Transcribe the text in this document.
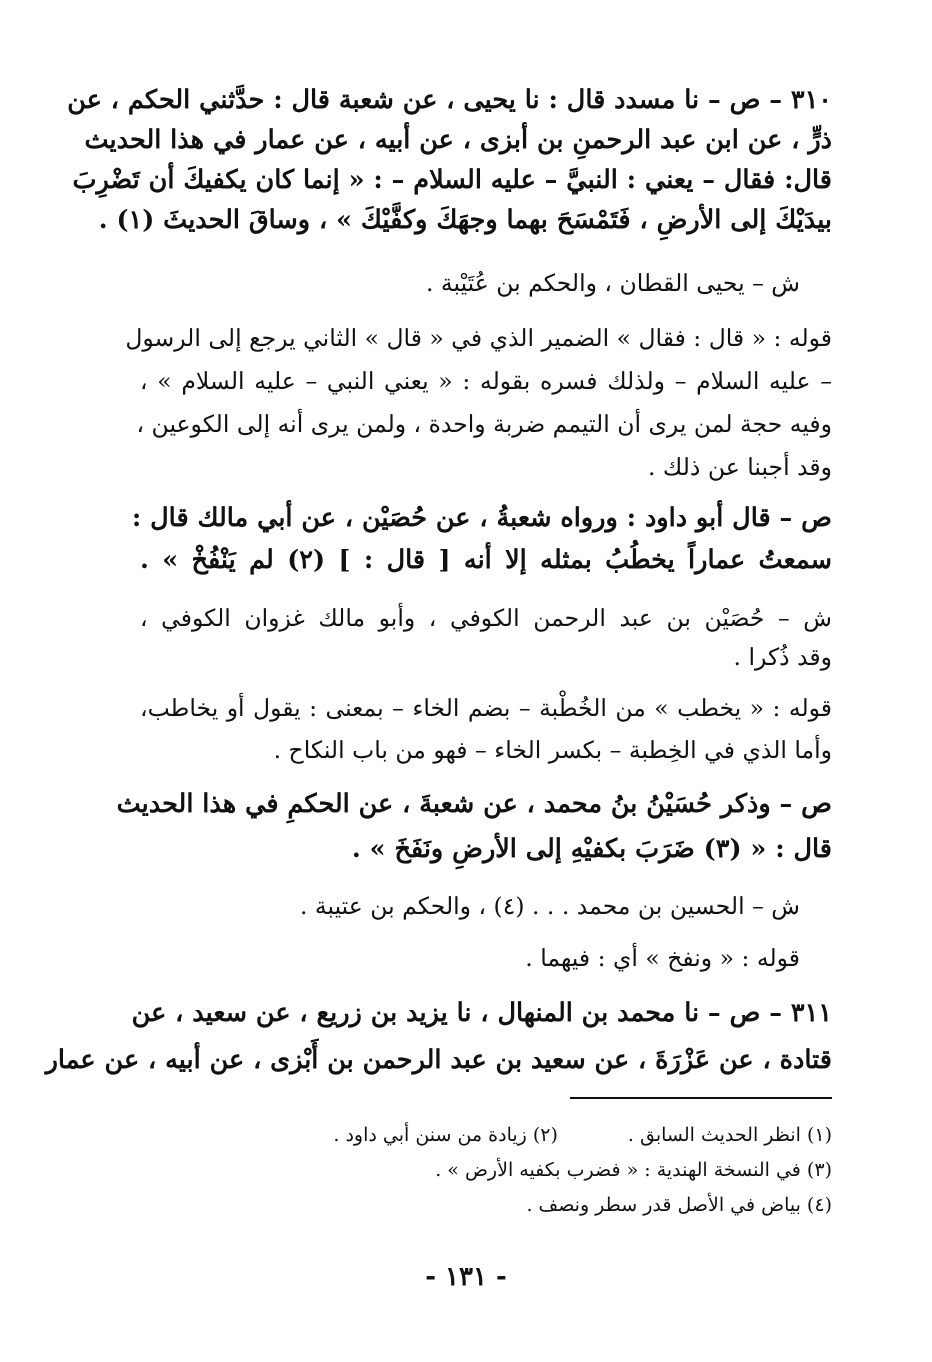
٣١٠ – ص – نا مسدد قال : نا يحيى ، عن شعبة قال : حدَّثني الحكم ، عن
ذرٍّ ، عن ابن عبد الرحمنِ بن أبزى ، عن أبيه ، عن عمار في هذا الحديث
قال: فقال – يعني : النبيَّ – عليه السلام – : « إنما كان يكفيكَ أن تَضْرِبَ
بيدَيْكَ إلى الأرضِ ، فَتَمْسَحَ بهما وجهَكَ وكفَّيْكَ » ، وساقَ الحديثَ (١) .
ش – يحيى القطان ، والحكم بن عُتَيْبة .
قوله : « قال : فقال » الضمير الذي في « قال » الثاني يرجع إلى الرسول
– عليه السلام – ولذلك فسره بقوله : « يعني النبي – عليه السلام » ،
وفيه حجة لمن يرى أن التيمم ضربة واحدة ، ولمن يرى أنه إلى الكوعين ،
وقد أجبنا عن ذلك .
ص – قال أبو داود : ورواه شعبةُ ، عن حُصَيْن ، عن أبي مالك قال :
سمعتُ عماراً يخطُبُ بمثله إلا أنه [ قال : ] (٢) لم يَنْفُخْ » .
ش – حُصَيْن بن عبد الرحمن الكوفي ، وأبو مالك غزوان الكوفي ،
وقد ذُكرا .
قوله : « يخطب » من الخُطْبة – بضم الخاء – بمعنى : يقول أو يخاطب،
وأما الذي في الخِطبة – بكسر الخاء – فهو من باب النكاح .
ص – وذكر حُسَيْنُ بنُ محمد ، عن شعبةَ ، عن الحكمِ في هذا الحديث
قال : « (٣) ضَرَبَ بكفيْهِ إلى الأرضِ ونَفَخَ » .
ش – الحسين بن محمد . . . (٤) ، والحكم بن عتيبة .
قوله : « ونفخ » أي : فيهما .
٣١١ – ص – نا محمد بن المنهال ، نا يزيد بن زريع ، عن سعيد ، عن
قتادة ، عن عَزْرَةَ ، عن سعيد بن عبد الرحمن بن أَبْزى ، عن أبيه ، عن عمار
(١) انظر الحديث السابق .(٢) زيادة من سنن أبي داود .
(٣) في النسخة الهندية : « فضرب بكفيه الأرض » .
(٤) بياض في الأصل قدر سطر ونصف .
- ١٣١ -
